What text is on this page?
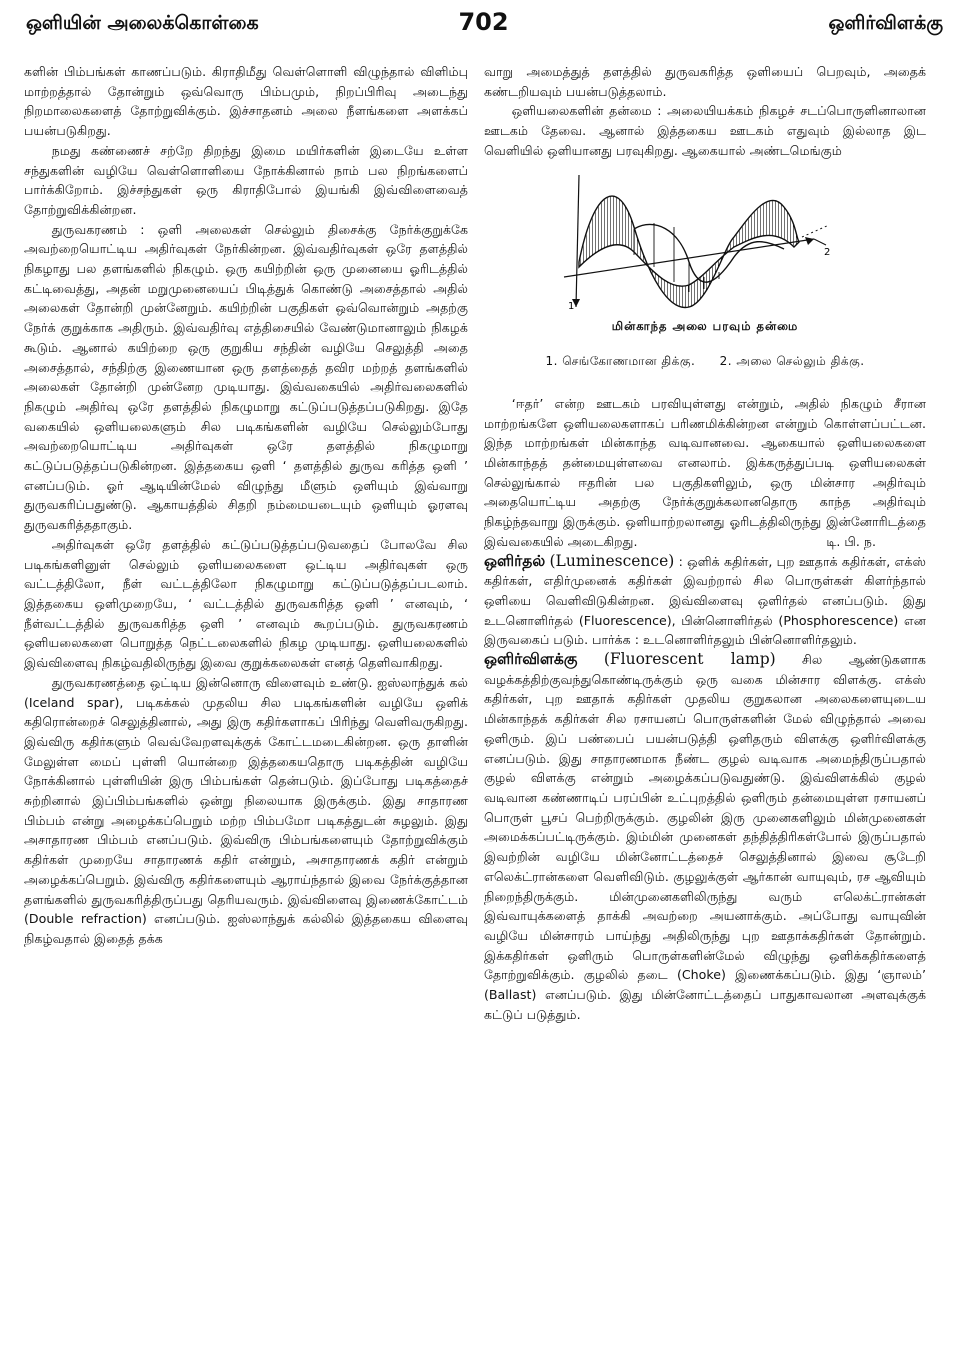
ஒளியின் அலைக்கொள்கை	702	ஒளிர்விளக்கு

களின் பிம்பங்கள் காணப்படும். கிராதிமீது வெள்ளொளி விழுந்தால் விளிம்பு மாற்றத்தால் தோன்றும் ஒவ்வொரு பிம்பமும், நிறப்பிரிவு அடைந்து நிறமாலைகளைத் தோற்றுவிக்கும். இச்சாதனம் அலை நீளங்களை அளக்கப் பயன்படுகிறது.

நமது கண்ணைச் சற்றே திறந்து இமை மயிர்களின் இடையே உள்ள சந்துகளின் வழியே வெள்ளொளியை நோக்கினால் நாம் பல நிறங்களைப் பார்க்கிறோம். இச்சந்துகள் ஒரு கிராதிபோல் இயங்கி இவ்விளைவைத் தோற்றுவிக்கின்றன.

துருவகரணம் : ஒளி அலைகள் செல்லும் திசைக்கு நேர்க்குறுக்கே அவற்றையொட்டிய அதிர்வுகள் நேர்கின்றன. இவ்வதிர்வுகள் ஒரே தளத்தில் நிகழாது பல தளங்களில் நிகழும். ஒரு கயிற்றின் ஒரு முனையை ஓரிடத்தில் கட்டிவைத்து, அதன் மறுமுனையைப் பிடித்துக் கொண்டு அசைத்தால் அதில் அலைகள் தோன்றி முன்னேறும். கயிற்றின் பகுதிகள் ஒவ்வொன்றும் அதற்கு நேர்க் குறுக்காக அதிரும். இவ்வதிர்வு எத்திசையில் வேண்டுமானாலும் நிகழக் கூடும். ஆனால் கயிற்றை ஒரு குறுகிய சந்தின் வழியே செலுத்தி அதை அசைத்தால், சந்திற்கு இணையான ஒரு தளத்தைத் தவிர மற்றத் தளங்களில் அலைகள் தோன்றி முன்னேற முடியாது. இவ்வகையில் அதிர்வலைகளில் நிகழும் அதிர்வு ஒரே தளத்தில் நிகழுமாறு கட்டுப்படுத்தப்படுகிறது. இதே வகையில் ஒளியலைகளும் சில படிகங்களின் வழியே செல்லும்போது அவற்றையொட்டிய அதிர்வுகள் ஒரே தளத்தில் நிகழுமாறு கட்டுப்படுத்தப்படுகின்றன. இத்தகைய ஒளி ‘ தளத்தில் துருவ கரித்த ஒளி ’ எனப்படும். ஓர் ஆடியின்மேல் விழுந்து மீளும் ஒளியும் இவ்வாறு துருவகரிப்பதுண்டு. ஆகாயத்தில் சிதறி நம்மையடையும் ஒளியும் ஓரளவு துருவகரித்ததாகும்.

அதிர்வுகள் ஒரே தளத்தில் கட்டுப்படுத்தப்படுவதைப் போலவே சில படிகங்களினுள் செல்லும் ஒளியலைகளை ஒட்டிய அதிர்வுகள் ஒரு வட்டத்திலோ, நீள் வட்டத்திலோ நிகழுமாறு கட்டுப்படுத்தப்படலாம். இத்தகைய ஒளிமுறையே, ‘ வட்டத்தில் துருவகரித்த ஒளி ’ எனவும், ‘ நீள்வட்டத்தில் துருவகரித்த ஒளி ’ எனவும் கூறப்படும். துருவகரணம் ஒளியலைகளை பொறுத்த நெட்டலைகளில் நிகழ முடியாது. ஒளியலைகளில் இவ்விளைவு நிகழ்வதிலிருந்து இவை குறுக்கலைகள் எனத் தெளிவாகிறது.

துருவகரணத்தை ஒட்டிய இன்னொரு விளைவும் உண்டு. ஐஸ்லாந்துக் கல் (Iceland spar), படிகக்கல் முதலிய சில படிகங்களின் வழியே ஒளிக் கதிரொன்றைச் செலுத்தினால், அது இரு கதிர்களாகப் பிரிந்து வெளிவருகிறது. இவ்விரு கதிர்களும் வெவ்வேறளவுக்குக் கோட்டமடைகின்றன. ஒரு தாளின் மேலுள்ள மைப் புள்ளி யொன்றை இத்தகையதொரு படிகத்தின் வழியே நோக்கினால் புள்ளியின் இரு பிம்பங்கள் தென்படும். இப்போது படிகத்தைச் சுற்றினால் இப்பிம்பங்களில் ஒன்று நிலையாக இருக்கும். இது சாதாரண பிம்பம் என்று அழைக்கப்பெறும் மற்ற பிம்பமோ படிகத்துடன் சுழலும். இது அசாதாரண பிம்பம் எனப்படும். இவ்விரு பிம்பங்களையும் தோற்றுவிக்கும் கதிர்கள் முறையே சாதாரணக் கதிர் என்றும், அசாதாரணக் கதிர் என்றும் அழைக்கப்பெறும். இவ்விரு கதிர்களையும் ஆராய்ந்தால் இவை நேர்க்குத்தான தளங்களில் துருவகரித்திருப்பது தெரியவரும். இவ்விளைவு இணைக்கோட்டம் (Double refraction) எனப்படும். ஐஸ்லாந்துக் கல்லில் இத்தகைய விளைவு நிகழ்வதால் இதைத் தக்க

வாறு அமைத்துத் தளத்தில் துருவகரித்த ஒளியைப் பெறவும், அதைக் கண்டறியவும் பயன்படுத்தலாம்.

ஒளியலைகளின் தன்மை : அலையியக்கம் நிகழச் சடப்பொருளினாலான ஊடகம் தேவை. ஆனால் இத்தகைய ஊடகம் எதுவும் இல்லாத இட வெளியில் ஒளியானது பரவுகிறது. ஆகையால் அண்டமெங்கும்

1
2
மின்காந்த அலை பரவும் தன்மை
1. செங்கோணமான திக்கு. 2. அலை செல்லும் திக்கு.

‘ஈதர்’ என்ற ஊடகம் பரவியுள்ளது என்றும், அதில் நிகழும் சீரான மாற்றங்களே ஒளியலைகளாகப் பரிணமிக்கின்றன என்றும் கொள்ளப்பட்டன. இந்த மாற்றங்கள் மின்காந்த வடிவானவை. ஆகையால் ஒளியலைகளை மின்காந்தத் தன்மையுள்ளவை எனலாம். இக்கருத்துப்படி ஒளியலைகள் செல்லுங்கால் ஈதரின் பல பகுதிகளிலும், ஒரு மின்சார அதிர்வும் அதையொட்டிய அதற்கு நேர்க்குறுக்கலானதொரு காந்த அதிர்வும் நிகழ்ந்தவாறு இருக்கும். ஒளியாற்றலானது ஓரிடத்திலிருந்து இன்னோரிடத்தை இவ்வகையில் அடைகிறது.	டி. பி. ந.

ஒளிர்தல் (Luminescence) : ஒளிக் கதிர்கள், புற ஊதாக் கதிர்கள், எக்ஸ் கதிர்கள், எதிர்முனைக் கதிர்கள் இவற்றால் சில பொருள்கள் கிளர்ந்தால் ஒளியை வெளிவிடுகின்றன. இவ்விளைவு ஒளிர்தல் எனப்படும். இது உடனொளிர்தல் (Fluorescence), பின்னொளிர்தல் (Phosphorescence) என இருவகைப் படும். பார்க்க : உடனொளிர்தலும் பின்னொளிர்தலும்.

ஒளிர்விளக்கு (Fluorescent lamp) சில ஆண்டுகளாக வழக்கத்திற்குவந்துகொண்டிருக்கும் ஒரு வகை மின்சார விளக்கு. எக்ஸ் கதிர்கள், புற ஊதாக் கதிர்கள் முதலிய குறுகலான அலைகளையுடைய மின்காந்தக் கதிர்கள் சில ரசாயனப் பொருள்களின் மேல் விழுந்தால் அவை ஒளிரும். இப் பண்பைப் பயன்படுத்தி ஒளிதரும் விளக்கு ஒளிர்விளக்கு எனப்படும். இது சாதாரணமாக நீண்ட குழல் வடிவாக அமைந்திருப்பதால் குழல் விளக்கு என்றும் அழைக்கப்படுவதுண்டு. இவ்விளக்கில் குழல் வடிவான கண்ணாடிப் பரப்பின் உட்புறத்தில் ஒளிரும் தன்மையுள்ள ரசாயனப் பொருள் பூசப் பெற்றிருக்கும். குழலின் இரு முனைகளிலும் மின்முனைகள் அமைக்கப்பட்டிருக்கும். இம்மின் முனைகள் தந்தித்திரிகள்போல் இருப்பதால் இவற்றின் வழியே மின்னோட்டத்தைச் செலுத்தினால் இவை சூடேறி எலெக்ட்ரான்களை வெளிவிடும். குழலுக்குள் ஆர்கான் வாயுவும், ரச ஆவியும் நிறைந்திருக்கும். மின்முனைகளிலிருந்து வரும் எலெக்ட்ரான்கள் இவ்வாயுக்களைத் தாக்கி அவற்றை அயனாக்கும். அப்போது வாயுவின் வழியே மின்சாரம் பாய்ந்து அதிலிருந்து புற ஊதாக்கதிர்கள் தோன்றும். இக்கதிர்கள் ஒளிரும் பொருள்களின்மேல் விழுந்து ஒளிக்கதிர்களைத் தோற்றுவிக்கும். குழலில் தடை (Choke) இணைக்கப்படும். இது ‘ஞாலம்’ (Ballast) எனப்படும். இது மின்னோட்டத்தைப் பாதுகாவலான அளவுக்குக் கட்டுப் படுத்தும்.
